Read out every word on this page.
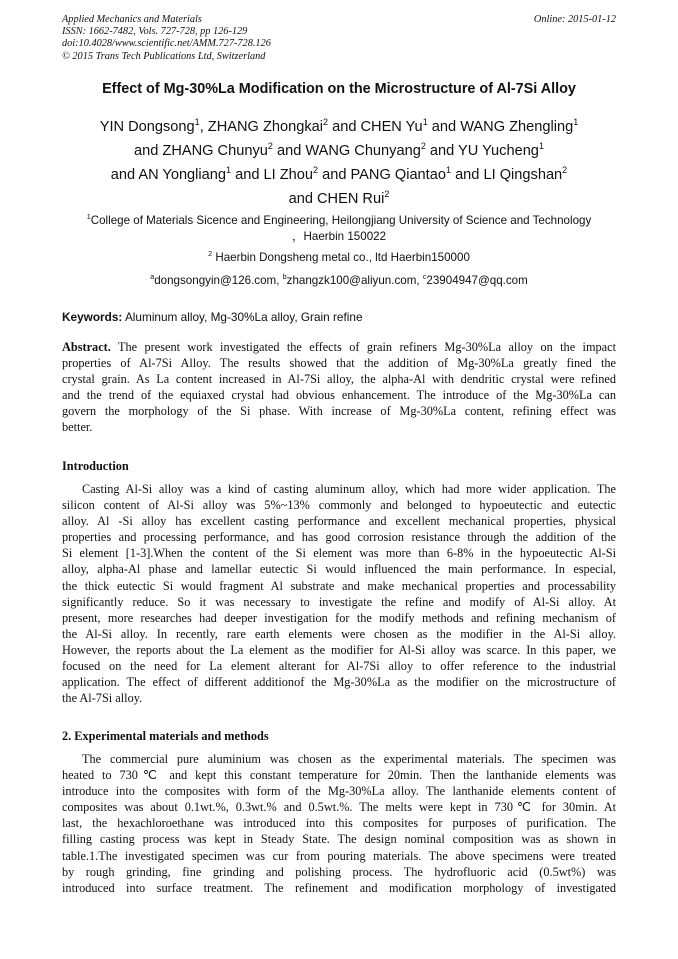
Applied Mechanics and Materials
ISSN: 1662-7482, Vols. 727-728, pp 126-129
doi:10.4028/www.scientific.net/AMM.727-728.126
© 2015 Trans Tech Publications Ltd, Switzerland
Online: 2015-01-12
Effect of Mg-30%La Modification on the Microstructure of Al-7Si Alloy
YIN Dongsong$^1$, ZHANG Zhongkai$^2$ and CHEN Yu$^1$ and WANG Zhengling$^1$
and ZHANG Chunyu$^2$ and WANG Chunyang$^2$ and YU Yucheng$^1$
and AN Yongliang$^1$ and LI Zhou$^2$ and PANG Qiantao$^1$ and LI Qingshan$^2$
and CHEN Rui$^2$
$^1$College of Materials Sicence and Engineering, Heilongjiang University of Science and Technology
，Haerbin 150022
$^2$ Haerbin Dongsheng metal co., ltd Haerbin150000
$^a$dongsongyin@126.com, $^b$zhangzk100@aliyun.com, $^c$23904947@qq.com
Keywords: Aluminum alloy, Mg-30%La alloy, Grain refine
Abstract. The present work investigated the effects of grain refiners Mg-30%La alloy on the impact
properties of Al-7Si Alloy. The results showed that the addition of Mg-30%La greatly fined the
crystal grain. As La content increased in Al-7Si alloy, the alpha-Al with dendritic crystal were refined
and the trend of the equiaxed crystal had obvious enhancement. The introduce of the Mg-30%La can
govern the morphology of the Si phase. With increase of Mg-30%La content, refining effect was
better.
Introduction
Casting Al-Si alloy was a kind of casting aluminum alloy, which had more wider application. The
silicon content of Al-Si alloy was 5%~13% commonly and belonged to hypoeutectic and eutectic
alloy. Al -Si alloy has excellent casting performance and excellent mechanical properties, physical
properties and processing performance, and has good corrosion resistance through the addition of the
Si element [1-3].When the content of the Si element was more than 6-8% in the hypoeutectic Al-Si
alloy, alpha-Al phase and lamellar eutectic Si would influenced the main performance. In especial,
the thick eutectic Si would fragment Al substrate and make mechanical properties and processability
significantly reduce. So it was necessary to investigate the refine and modify of Al-Si alloy. At
present, more researches had deeper investigation for the modify methods and refining mechanism of
the Al-Si alloy. In recently, rare earth elements were chosen as the modifier in the Al-Si alloy.
However, the reports about the La element as the modifier for Al-Si alloy was scarce. In this paper, we
focused on the need for La element alterant for Al-7Si alloy to offer reference to the industrial
application. The effect of different additionof the Mg-30%La as the modifier on the microstructure of
the Al-7Si alloy.
2. Experimental materials and methods
The commercial pure aluminium was chosen as the experimental materials. The specimen was
heated to 730℃ and kept this constant temperature for 20min. Then the lanthanide elements was
introduce into the composites with form of the Mg-30%La alloy. The lanthanide elements content of
composites was about 0.1wt.%, 0.3wt.% and 0.5wt.%. The melts were kept in 730℃ for 30min. At
last, the hexachloroethane was introduced into this composites for purposes of purification. The
filling casting process was kept in Steady State. The design nominal composition was as shown in
table.1.The investigated specimen was cur from pouring materials. The above specimens were treated
by rough grinding, fine grinding and polishing process. The hydrofluoric acid (0.5wt%) was
introduced into surface treatment. The refinement and modification morphology of investigated
